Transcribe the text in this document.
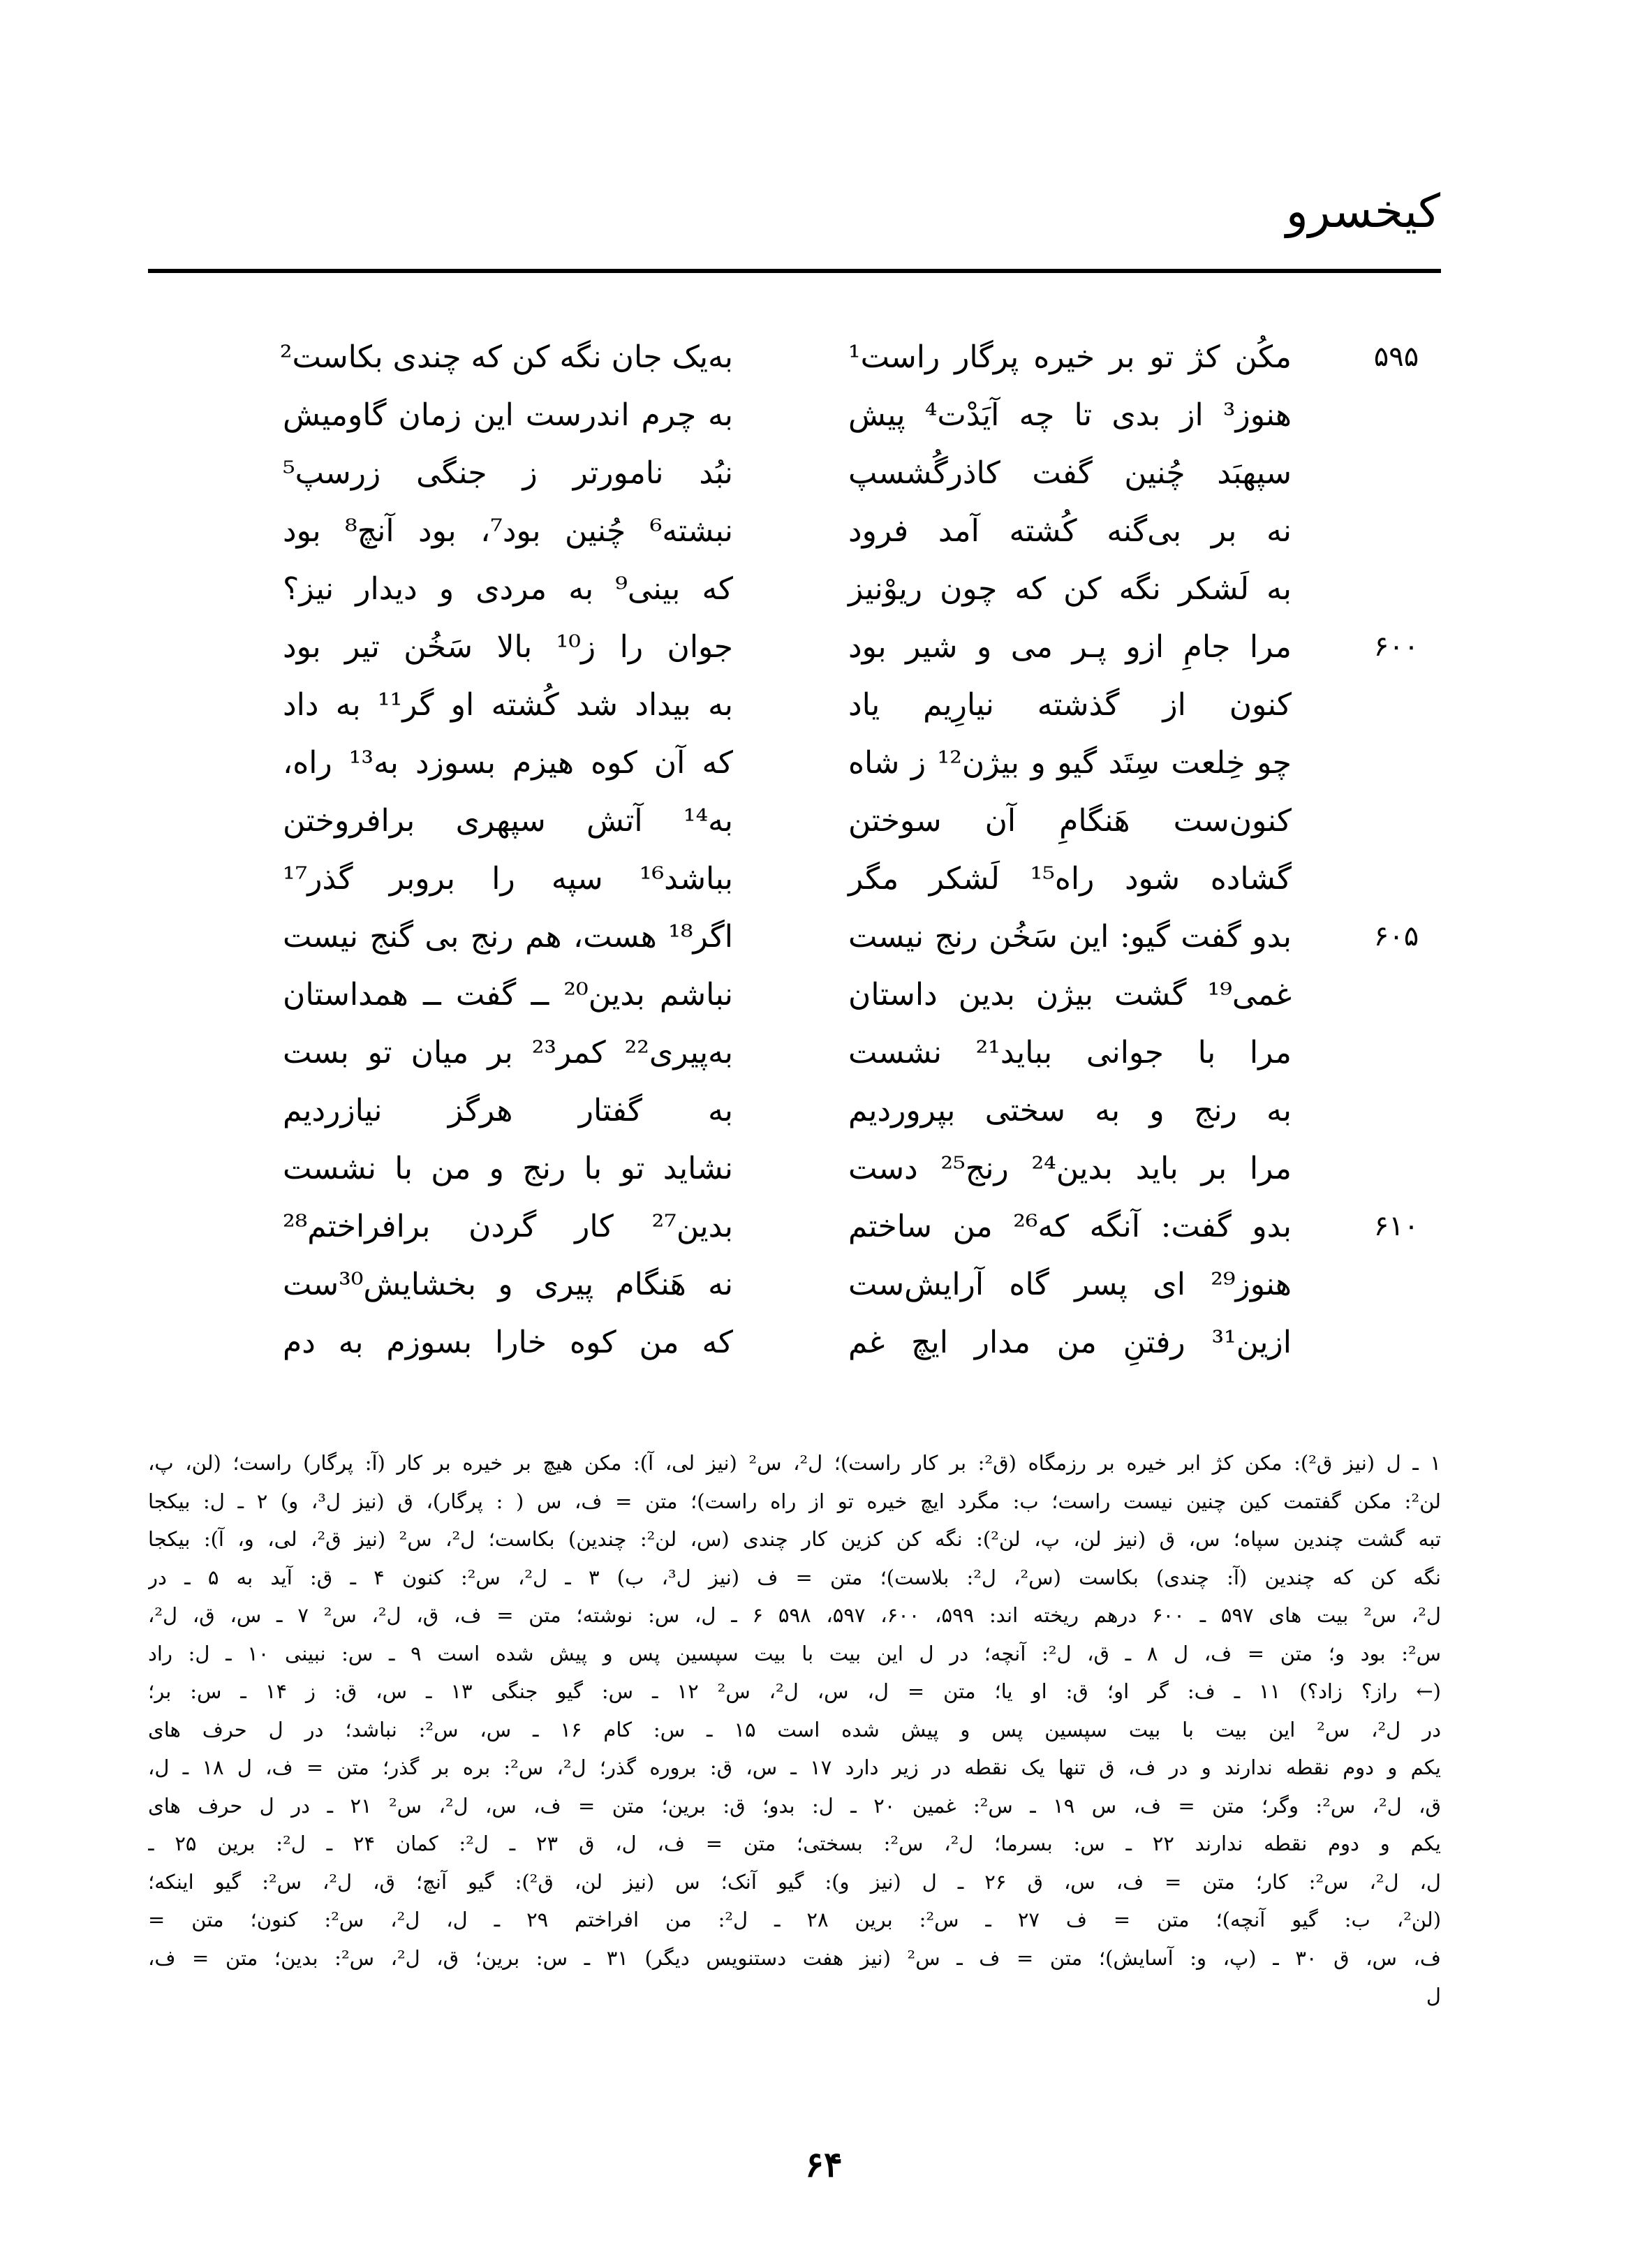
کیخسرو
۵۹۵
مکُن کژ تو بر خیره پرگار راست¹
به‌یک جان نگه کن که چندی بکاست²
هنوز³ از بدی تا چه آیَدْت⁴ پیش
به چرم اندرست این زمان گاومیش
سپهبَد چُنین گفت کاذرگُشسپ
نبُد نامورتر ز جنگی زرسپ⁵
نه بر بی‌گنه کُشته آمد فرود
نبشته⁶ چُنین بود⁷، بود آنچ⁸ بود
به لَشکر نگه کن که چون ریوْنیز
که بینی⁹ به مردی و دیدار نیز؟
۶۰۰
مرا جامِ ازو پـر می و شیر بود
جوان را ز¹⁰ بالا سَخُن تیر بود
کنون از گذشته نیارِیم یاد
به بیداد شد کُشته او گر¹¹ به داد
چو خِلعت سِتَد گیو و بیژن¹² ز شاه
که آن کوه هیزم بسوزد به¹³ راه،
کنون‌ست هَنگامِ آن سوختن
به¹⁴ آتش سپهری برافروختن
گشاده شود راه¹⁵ لَشکر مگر
بباشد¹⁶ سپه را بروبر گذر¹⁷
۶۰۵
بدو گفت گیو: این سَخُن رنج نیست
اگر¹⁸ هست، هم رنج بی گنج نیست
غمی¹⁹ گشت بیژن بدین داستان
نباشم بدین²⁰ ــ گفت ــ همداستان
مرا با جوانی بباید²¹ نشست
به‌پیری²² کمر²³ بر میان تو بست
به رنج و به سختی بپروردیم
به گفتار هرگز نیازردیم
مرا بر باید بدین²⁴ رنج²⁵ دست
نشاید تو با رنج و من با نشست
۶۱۰
بدو گفت: آنگه که²⁶ من ساختم
بدین²⁷ کار گردن برافراختم²⁸
هنوز²⁹ ای پسر گاه آرایش‌ست
نه هَنگام پیری و بخشایش³⁰ست
ازین³¹ رفتنِ من مدار ایچ غم
که من کوه خارا بسوزم به دم
۱ ـ ل (نیز ق²): مکن کژ ابر خیره بر رزمگاه (ق²: بر کار راست)؛ ل²، س² (نیز لی، آ): مکن هیچ بر خیره بر کار (آ: پرگار) راست؛ (لن، پ،
لن²: مکن گفتمت کین چنین نیست راست؛ ب: مگرد ایچ خیره تو از راه راست)؛ متن = ف، س ( : پرگار)، ق (نیز ل³، و) ۲ ـ ل: بیکجا
تبه گشت چندین سپاه؛ س، ق (نیز لن، پ، لن²): نگه کن کزین کار چندی (س، لن²: چندین) بکاست؛ ل²، س² (نیز ق²، لی، و، آ): بیکجا
نگه کن که چندین (آ: چندی) بکاست (س²، ل²: بلاست)؛ متن = ف (نیز ل³، ب) ۳ ـ ل²، س²: کنون ۴ ـ ق: آید به ۵ ـ در
ل²، س² بیت های ۵۹۷ ـ ۶۰۰ درهم ریخته اند: ۵۹۹، ۶۰۰، ۵۹۷، ۵۹۸ ۶ ـ ل، س: نوشته؛ متن = ف، ق، ل²، س² ۷ ـ س، ق، ل²،
س²: بود و؛ متن = ف، ل ۸ ـ ق، ل²: آنچه؛ در ل این بیت با بیت سپسین پس و پیش شده است ۹ ـ س: نبینی ۱۰ ـ ل: راد
(← راز؟ زاد؟) ۱۱ ـ ف: گر او؛ ق: او یا؛ متن = ل، س، ل²، س² ۱۲ ـ س: گیو جنگی ۱۳ ـ س، ق: ز ۱۴ ـ س: بر؛
در ل²، س² این بیت با بیت سپسین پس و پیش شده است ۱۵ ـ س: کام ۱۶ ـ س، س²: نباشد؛ در ل حرف های
یکم و دوم نقطه ندارند و در ف، ق تنها یک نقطه در زیر دارد ۱۷ ـ س، ق: بروره گذر؛ ل²، س²: بره بر گذر؛ متن = ف، ل ۱۸ ـ ل،
ق، ل²، س²: وگر؛ متن = ف، س ۱۹ ـ س²: غمین ۲۰ ـ ل: بدو؛ ق: برین؛ متن = ف، س، ل²، س² ۲۱ ـ در ل حرف های
یکم و دوم نقطه ندارند ۲۲ ـ س: بسرما؛ ل²، س²: بسختی؛ متن = ف، ل، ق ۲۳ ـ ل²: کمان ۲۴ ـ ل²: برین ۲۵ ـ
ل، ل²، س²: کار؛ متن = ف، س، ق ۲۶ ـ ل (نیز و): گیو آنک؛ س (نیز لن، ق²): گیو آنچ؛ ق، ل²، س²: گیو اینکه؛
(لن²، ب: گیو آنچه)؛ متن = ف ۲۷ ـ س²: برین ۲۸ ـ ل²: من افراختم ۲۹ ـ ل، ل²، س²: کنون؛ متن =
ف، س، ق ۳۰ ـ (پ، و: آسایش)؛ متن = ف ـ س² (نیز هفت دستنویس دیگر) ۳۱ ـ س: برین؛ ق، ل²، س²: بدین؛ متن = ف،
ل
۶۴
